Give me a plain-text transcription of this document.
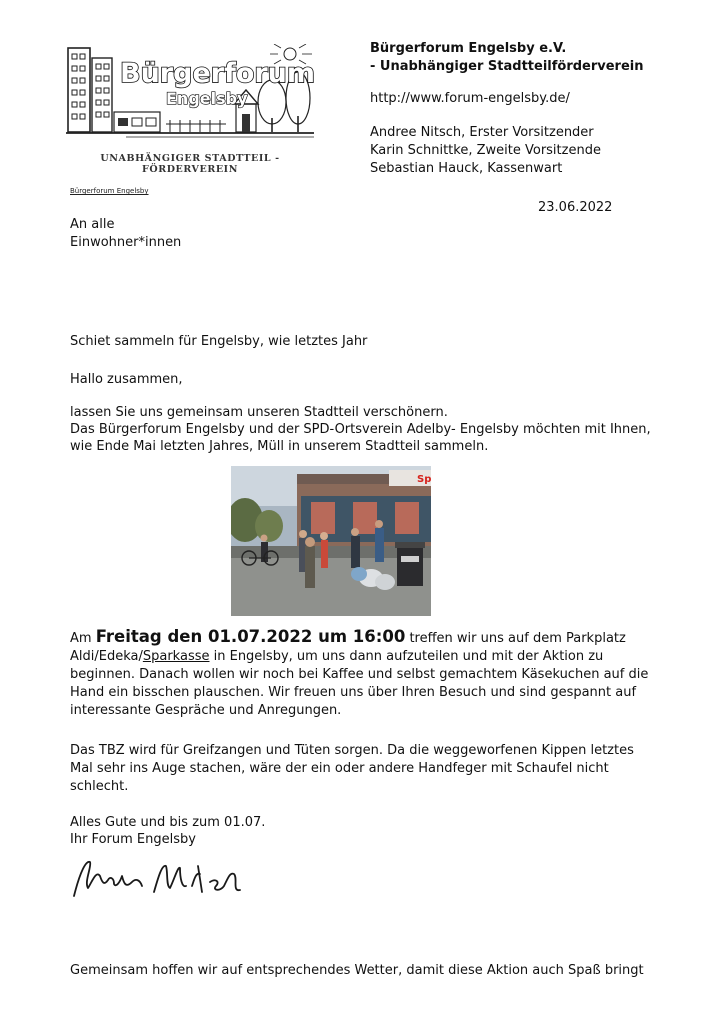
Bürgerforum
Engelsby
UNABHÄNGIGER STADTTEIL - FÖRDERVEREIN
Bürgerforum Engelsby e.V.
- Unabhängiger Stadtteilförderverein
http://www.forum-engelsby.de/
Andree Nitsch, Erster Vorsitzender
Karin Schnittke, Zweite Vorsitzende
Sebastian Hauck, Kassenwart
Bürgerforum Engelsby
23.06.2022
An alle
Einwohner*innen
Schiet sammeln für Engelsby, wie letztes Jahr
Hallo zusammen,
lassen Sie uns gemeinsam unseren Stadtteil verschönern.
Das Bürgerforum Engelsby und der SPD-Ortsverein Adelby- Engelsby möchten mit Ihnen,
wie Ende Mai letzten Jahres, Müll in unserem Stadtteil sammeln.
Sp
Am Freitag den 01.07.2022 um 16:00 treffen wir uns auf dem Parkplatz
Aldi/Edeka/Sparkasse in Engelsby, um uns dann aufzuteilen und mit der Aktion zu
beginnen. Danach wollen wir noch bei Kaffee und selbst gemachtem Käsekuchen auf die
Hand ein bisschen plauschen. Wir freuen uns über Ihren Besuch und sind gespannt auf
interessante Gespräche und Anregungen.
Das TBZ wird für Greifzangen und Tüten sorgen. Da die weggeworfenen Kippen letztes
Mal sehr ins Auge stachen, wäre der ein oder andere Handfeger mit Schaufel nicht
schlecht.
Alles Gute und bis zum 01.07.
Ihr Forum Engelsby
Gemeinsam hoffen wir auf entsprechendes Wetter, damit diese Aktion auch Spaß bringt
